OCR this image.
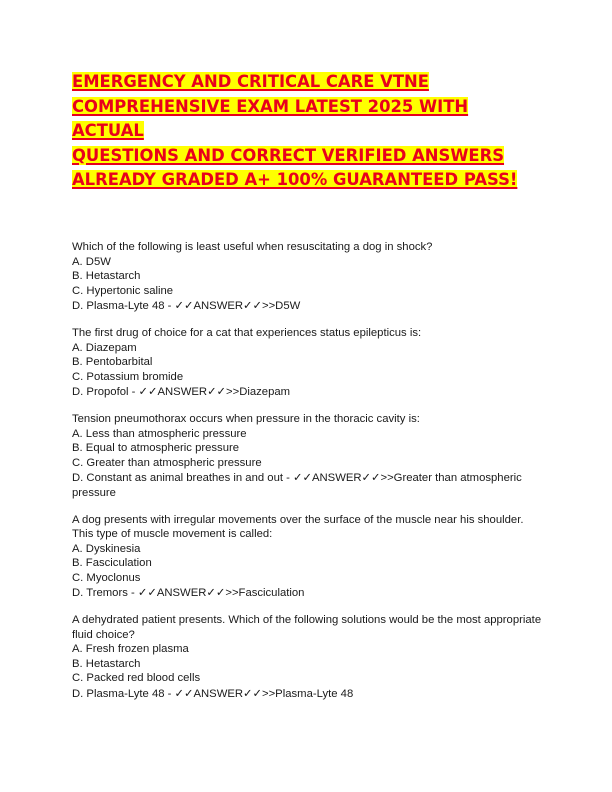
EMERGENCY AND CRITICAL CARE VTNE
COMPREHENSIVE EXAM LATEST 2025 WITH ACTUAL
QUESTIONS AND CORRECT VERIFIED ANSWERS
ALREADY GRADED A+ 100% GUARANTEED PASS!

Which of the following is least useful when resuscitating a dog in shock?

A. D5W

B. Hetastarch

C. Hypertonic saline

D. Plasma-Lyte 48 - ✓✓ANSWER✓✓>>D5W

The first drug of choice for a cat that experiences status epilepticus is:

A. Diazepam

B. Pentobarbital

C. Potassium bromide

D. Propofol - ✓✓ANSWER✓✓>>Diazepam

Tension pneumothorax occurs when pressure in the thoracic cavity is:

A. Less than atmospheric pressure

B. Equal to atmospheric pressure

C. Greater than atmospheric pressure

D. Constant as animal breathes in and out - ✓✓ANSWER✓✓>>Greater than atmospheric pressure

A dog presents with irregular movements over the surface of the muscle near his shoulder. This type of muscle movement is called:

A. Dyskinesia

B. Fasciculation

C. Myoclonus

D. Tremors - ✓✓ANSWER✓✓>>Fasciculation

A dehydrated patient presents. Which of the following solutions would be the most appropriate fluid choice?

A. Fresh frozen plasma

B. Hetastarch

C. Packed red blood cells

D. Plasma-Lyte 48 - ✓✓ANSWER✓✓>>Plasma-Lyte 48
